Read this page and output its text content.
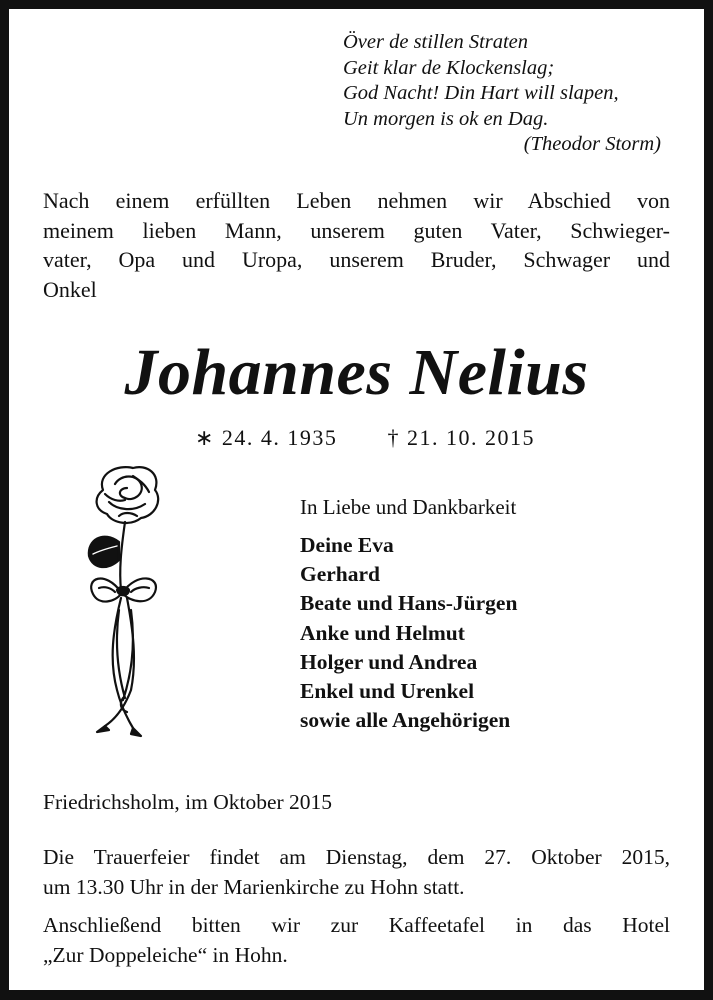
Över de stillen Straten
Geit klar de Klockenslag;
God Nacht! Din Hart will slapen,
Un morgen is ok en Dag.
(Theodor Storm)
Nach einem erfüllten Leben nehmen wir Abschied von
meinem lieben Mann, unserem guten Vater, Schwieger-
vater, Opa und Uropa, unserem Bruder, Schwager und
Onkel
Johannes Nelius
∗ 24. 4. 1935 † 21. 10. 2015
In Liebe und Dankbarkeit
Deine Eva
Gerhard
Beate und Hans-Jürgen
Anke und Helmut
Holger und Andrea
Enkel und Urenkel
sowie alle Angehörigen
Friedrichsholm, im Oktober 2015
Die Trauerfeier findet am Dienstag, dem 27. Oktober 2015,
um 13.30 Uhr in der Marienkirche zu Hohn statt.
Anschließend bitten wir zur Kaffeetafel in das Hotel
„Zur Doppeleiche“ in Hohn.
